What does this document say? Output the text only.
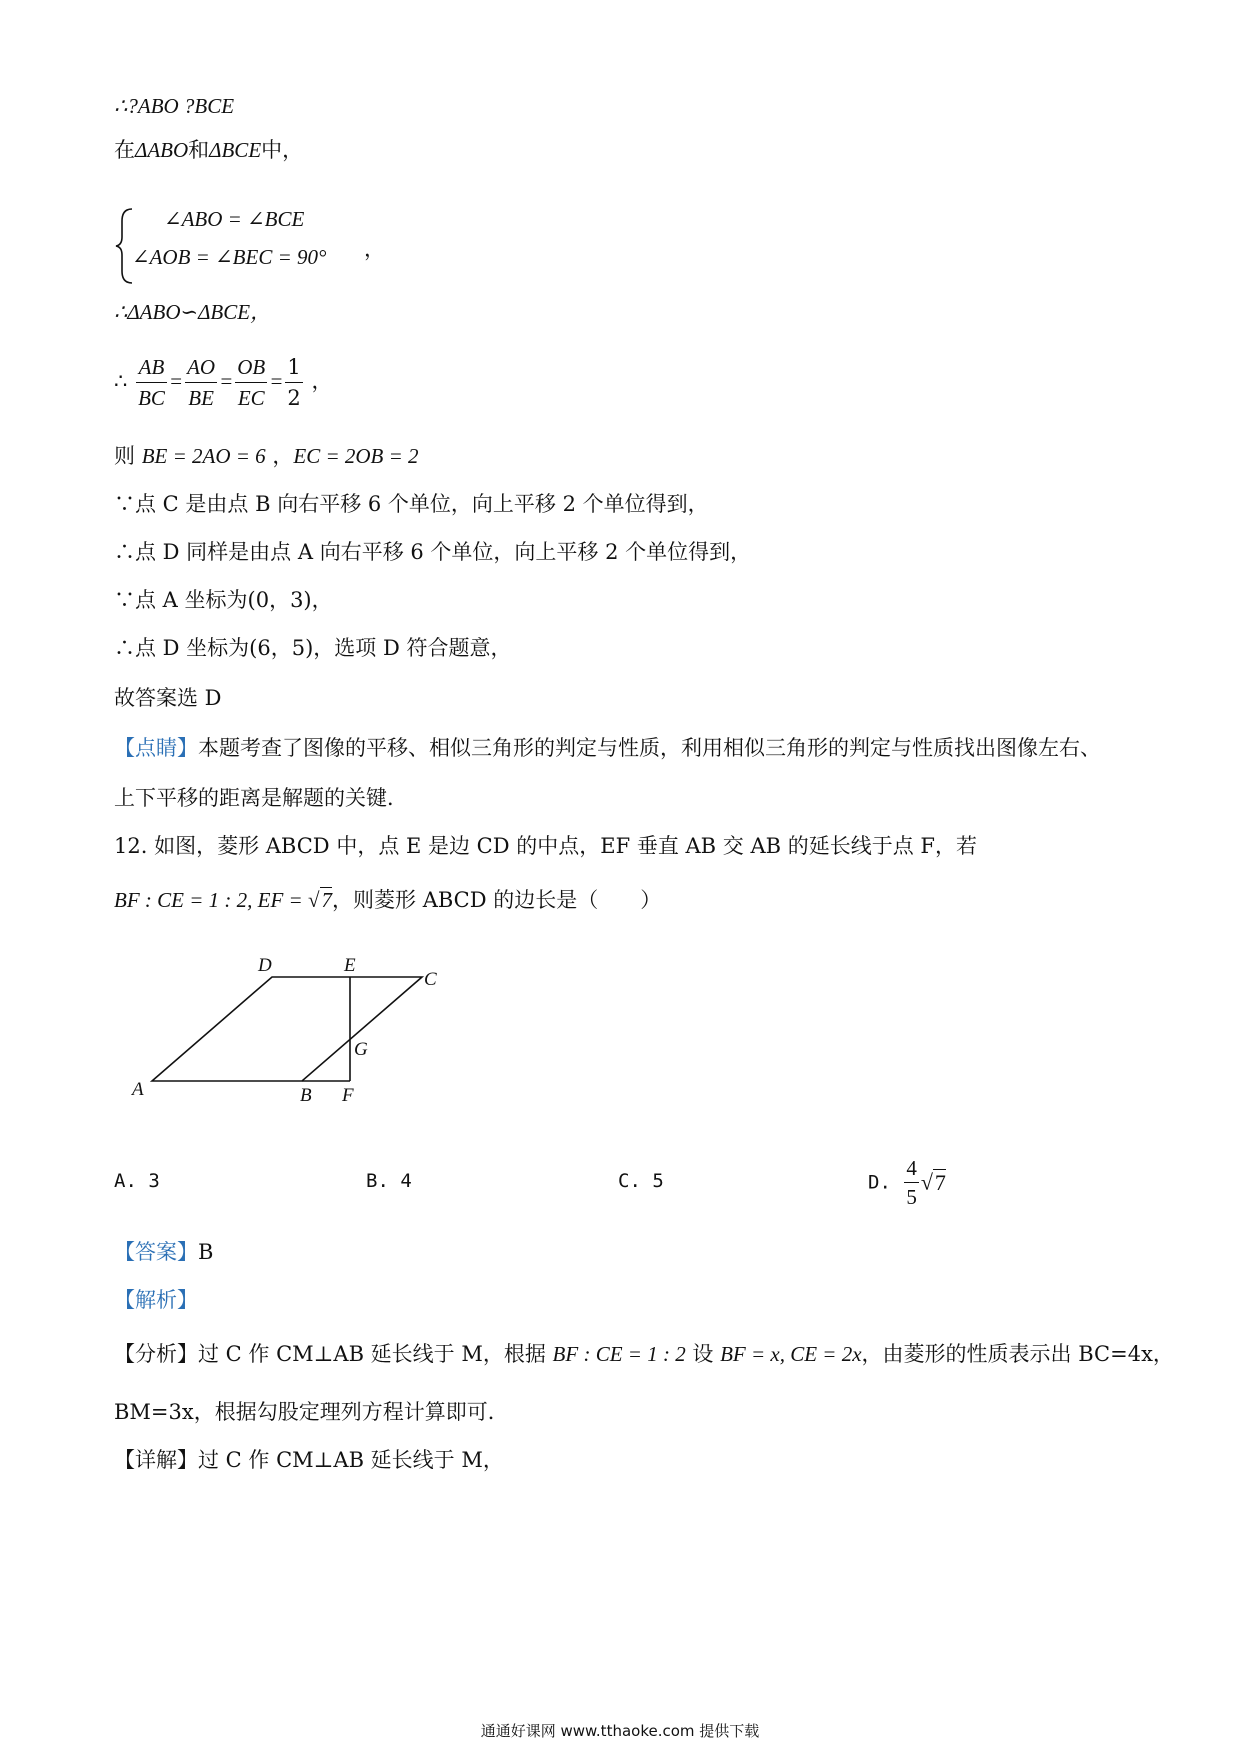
∴?ABO ?BCE
在ΔABO和ΔBCE中，
∠ABO = ∠BCE
∠AOB = ∠BEC = 90° ，
∴ΔABO∽ΔBCE，
∴ $\frac{AB}{BC} = \frac{AO}{BE} = \frac{OB}{EC} = \frac{1}{2}$ ，
则 BE = 2AO = 6 ，EC = 2OB = 2
∵点 C 是由点 B 向右平移 6 个单位，向上平移 2 个单位得到，
∴点 D 同样是由点 A 向右平移 6 个单位，向上平移 2 个单位得到，
∵点 A 坐标为(0，3)，
∴点 D 坐标为(6，5)，选项 D 符合题意，
故答案选 D
【点睛】本题考查了图像的平移、相似三角形的判定与性质，利用相似三角形的判定与性质找出图像左右、
上下平移的距离是解题的关键．
12. 如图，菱形 ABCD 中，点 E 是边 CD 的中点，EF 垂直 AB 交 AB 的延长线于点 F，若
BF : CE = 1 : 2, EF = √7，则菱形 ABCD 的边长是（　　）
A
D	E
C
G
B F
A. 3	B. 4	C. 5	D. $\frac{4}{5} √7$
【答案】B
【解析】
【分析】过 C 作 CM⊥AB 延长线于 M，根据 BF : CE = 1 : 2 设 BF = x, CE = 2x，由菱形的性质表示出 BC=4x，
BM=3x，根据勾股定理列方程计算即可．
【详解】过 C 作 CM⊥AB 延长线于 M，
通通好课网 www.tthaoke.com 提供下载
